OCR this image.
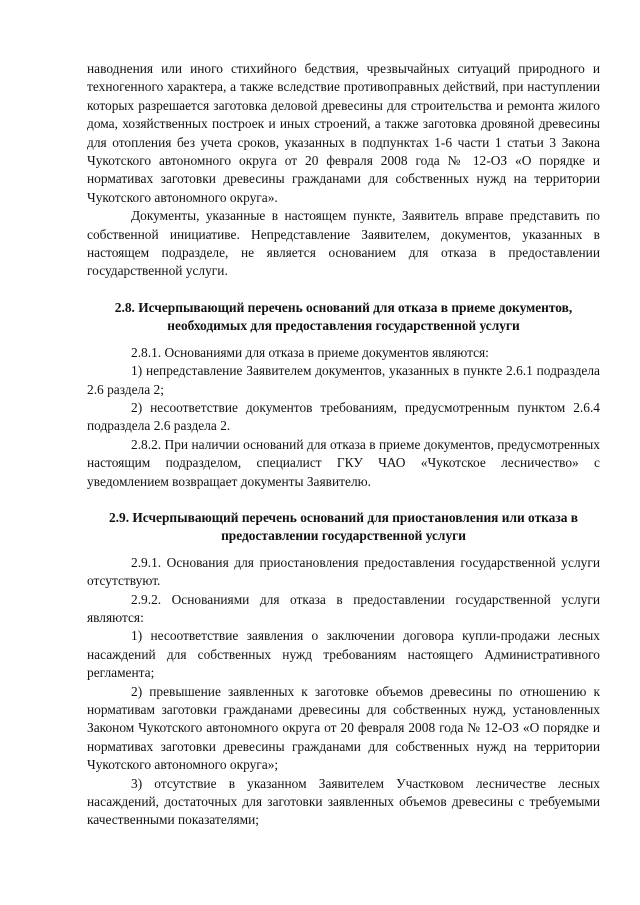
наводнения или иного стихийного бедствия, чрезвычайных ситуаций природного и техногенного характера, а также вследствие противоправных действий, при наступлении которых разрешается заготовка деловой древесины для строительства и ремонта жилого дома, хозяйственных построек и иных строений, а также заготовка дровяной древесины для отопления без учета сроков, указанных в подпунктах 1-6 части 1 статьи 3 Закона Чукотского автономного округа от 20 февраля 2008 года № 12-ОЗ «О порядке и нормативах заготовки древесины гражданами для собственных нужд на территории Чукотского автономного округа».

Документы, указанные в настоящем пункте, Заявитель вправе представить по собственной инициативе. Непредставление Заявителем, документов, указанных в настоящем подразделе, не является основанием для отказа в предоставлении государственной услуги.

2.8. Исчерпывающий перечень оснований для отказа в приеме документов, необходимых для предоставления государственной услуги

2.8.1. Основаниями для отказа в приеме документов являются:

1) непредставление Заявителем документов, указанных в пункте 2.6.1 подраздела 2.6 раздела 2;

2) несоответствие документов требованиям, предусмотренным пунктом 2.6.4 подраздела 2.6 раздела 2.

2.8.2. При наличии оснований для отказа в приеме документов, предусмотренных настоящим подразделом, специалист ГКУ ЧАО «Чукотское лесничество» с уведомлением возвращает документы Заявителю.

2.9. Исчерпывающий перечень оснований для приостановления или отказа в предоставлении государственной услуги

2.9.1. Основания для приостановления предоставления государственной услуги отсутствуют.

2.9.2. Основаниями для отказа в предоставлении государственной услуги являются:

1) несоответствие заявления о заключении договора купли-продажи лесных насаждений для собственных нужд требованиям настоящего Административного регламента;

2) превышение заявленных к заготовке объемов древесины по отношению к нормативам заготовки гражданами древесины для собственных нужд, установленных Законом Чукотского автономного округа от 20 февраля 2008 года № 12-ОЗ «О порядке и нормативах заготовки древесины гражданами для собственных нужд на территории Чукотского автономного округа»;

3) отсутствие в указанном Заявителем Участковом лесничестве лесных насаждений, достаточных для заготовки заявленных объемов древесины с требуемыми качественными показателями;
